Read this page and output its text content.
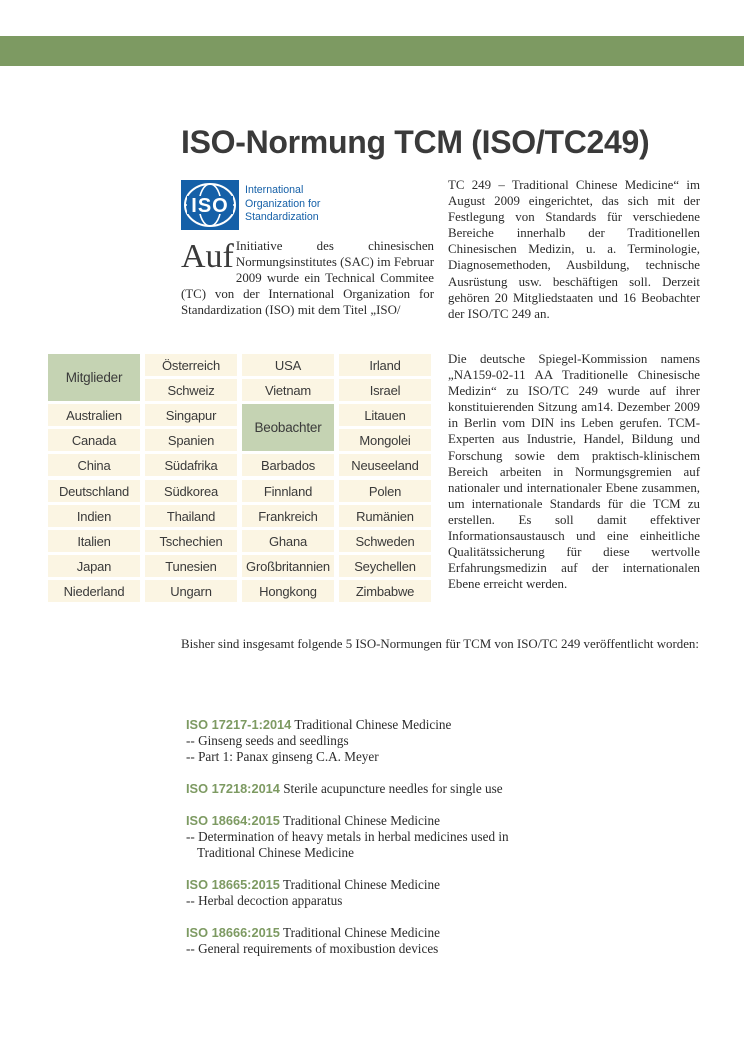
ISO-Normung TCM (ISO/TC249)
ISO
International
Organization for
Standardization
Auf Initiative des chinesischen Normungsinstitutes (SAC) im Februar 2009 wurde ein Technical Commitee (TC) von der International Organization for Standardization (ISO) mit dem Titel „ISO/
TC 249 – Traditional Chinese Medicine“ im August 2009 eingerichtet, das sich mit der Festlegung von Standards für verschiedene Bereiche innerhalb der Traditionellen Chinesischen Medizin, u. a. Terminologie, Diagnosemethoden, Ausbildung, technische Ausrüstung usw. beschäftigen soll. Derzeit gehören 20 Mitgliedstaaten und 16 Beobachter der ISO/TC 249 an.
Die deutsche Spiegel-Kommission namens „NA159-02-11 AA Traditionelle Chinesische Medizin“ zu ISO/TC 249 wurde auf ihrer konstituierenden Sitzung am14. Dezember 2009 in Berlin vom DIN ins Leben gerufen. TCM-Experten aus Industrie, Handel, Bildung und Forschung sowie dem praktisch-klinischem Bereich arbeiten in Normungsgremien auf nationaler und internationaler Ebene zusammen, um internationale Standards für die TCM zu erstellen. Es soll damit effektiver Informationsaustausch und eine einheitliche Qualitätssicherung für diese wertvolle Erfahrungsmedizin auf der internationalen Ebene erreicht werden.
Mitglieder
Australien
Canada
China
Deutschland
Indien
Italien
Japan
Niederland
Österreich
Schweiz
Singapur
Spanien
Südafrika
Südkorea
Thailand
Tschechien
Tunesien
Ungarn
USA
Vietnam
Beobachter
Barbados
Finnland
Frankreich
Ghana
Großbritannien
Hongkong
Irland
Israel
Litauen
Mongolei
Neuseeland
Polen
Rumänien
Schweden
Seychellen
Zimbabwe
Bisher sind insgesamt folgende 5 ISO-Normungen für TCM von ISO/TC 249 veröffentlicht worden:
ISO 17217-1:2014 Traditional Chinese Medicine
-- Ginseng seeds and seedlings
-- Part 1: Panax ginseng C.A. Meyer
ISO 17218:2014 Sterile acupuncture needles for single use
ISO 18664:2015 Traditional Chinese Medicine
-- Determination of heavy metals in herbal medicines used in
Traditional Chinese Medicine
ISO 18665:2015 Traditional Chinese Medicine
-- Herbal decoction apparatus
ISO 18666:2015 Traditional Chinese Medicine
-- General requirements of moxibustion devices
